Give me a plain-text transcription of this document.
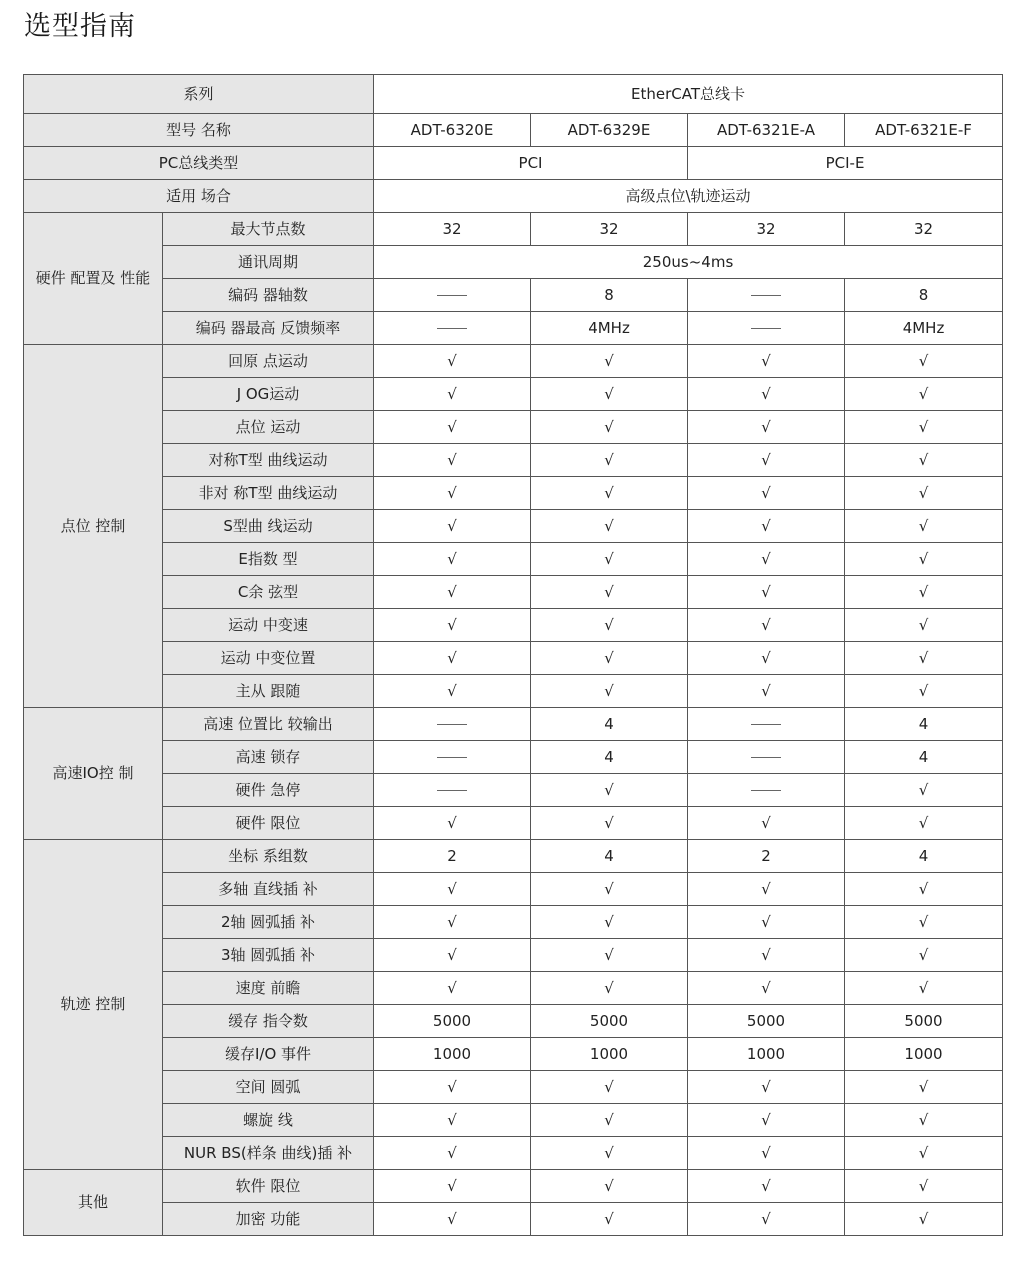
选型指南
系列		EtherCAT总线卡			
型号 名称		ADT-6320E	ADT-6329E	ADT-6321E-A	ADT-6321E-F
PC总线类型		PCI		PCI-E	
适用 场合		高级点位\轨迹运动			
硬件 配置及 性能	最大节点数	32	32	32	32
	通讯周期	250us~4ms			
	编码 器轴数		8		8
	编码 器最高 反馈频率		4MHz		4MHz
点位 控制	回原 点运动	√	√	√	√
	J OG运动	√	√	√	√
	点位 运动	√	√	√	√
	对称T型 曲线运动	√	√	√	√
	非对 称T型 曲线运动	√	√	√	√
	S型曲 线运动	√	√	√	√
	E指数 型	√	√	√	√
	C余 弦型	√	√	√	√
	运动 中变速	√	√	√	√
	运动 中变位置	√	√	√	√
	主从 跟随	√	√	√	√
高速IO控 制	高速 位置比 较输出		4		4
	高速 锁存		4		4
	硬件 急停		√		√
	硬件 限位	√	√	√	√
轨迹 控制	坐标 系组数	2	4	2	4
	多轴 直线插 补	√	√	√	√
	2轴 圆弧插 补	√	√	√	√
	3轴 圆弧插 补	√	√	√	√
	速度 前瞻	√	√	√	√
	缓存 指令数	5000	5000	5000	5000
	缓存I/O 事件	1000	1000	1000	1000
	空间 圆弧	√	√	√	√
	螺旋 线	√	√	√	√
	NUR BS(样条 曲线)插 补	√	√	√	√
其他	软件 限位	√	√	√	√
	加密 功能	√	√	√	√
